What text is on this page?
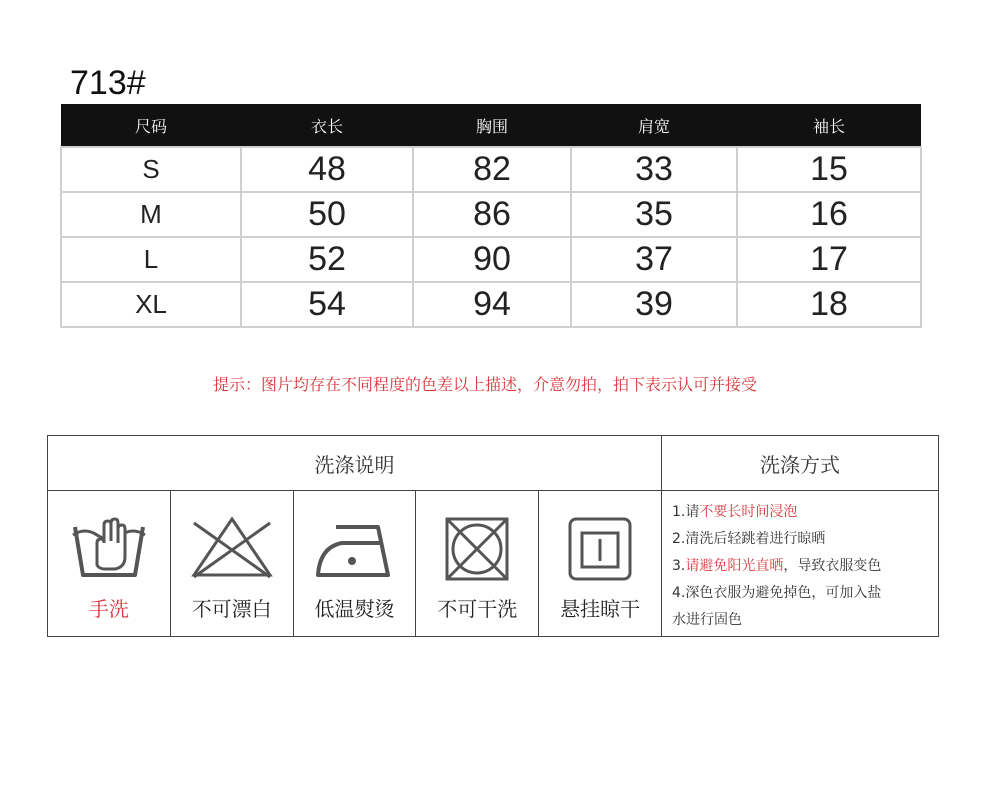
713#
尺码	衣长	胸围	肩宽	袖长
S	48	82	33	15
M	50	86	35	16
L	52	90	37	17
XL	54	94	39	18
提示：图片均存在不同程度的色差以上描述，介意勿拍，拍下表示认可并接受
洗涤说明	洗涤方式
手洗	不可漂白 低温熨烫 不可干洗 悬挂晾干
1.请不要长时间浸泡
2.清洗后轻跳着进行晾晒
3.请避免阳光直晒，导致衣服变色
4.深色衣服为避免掉色，可加入盐
水进行固色
